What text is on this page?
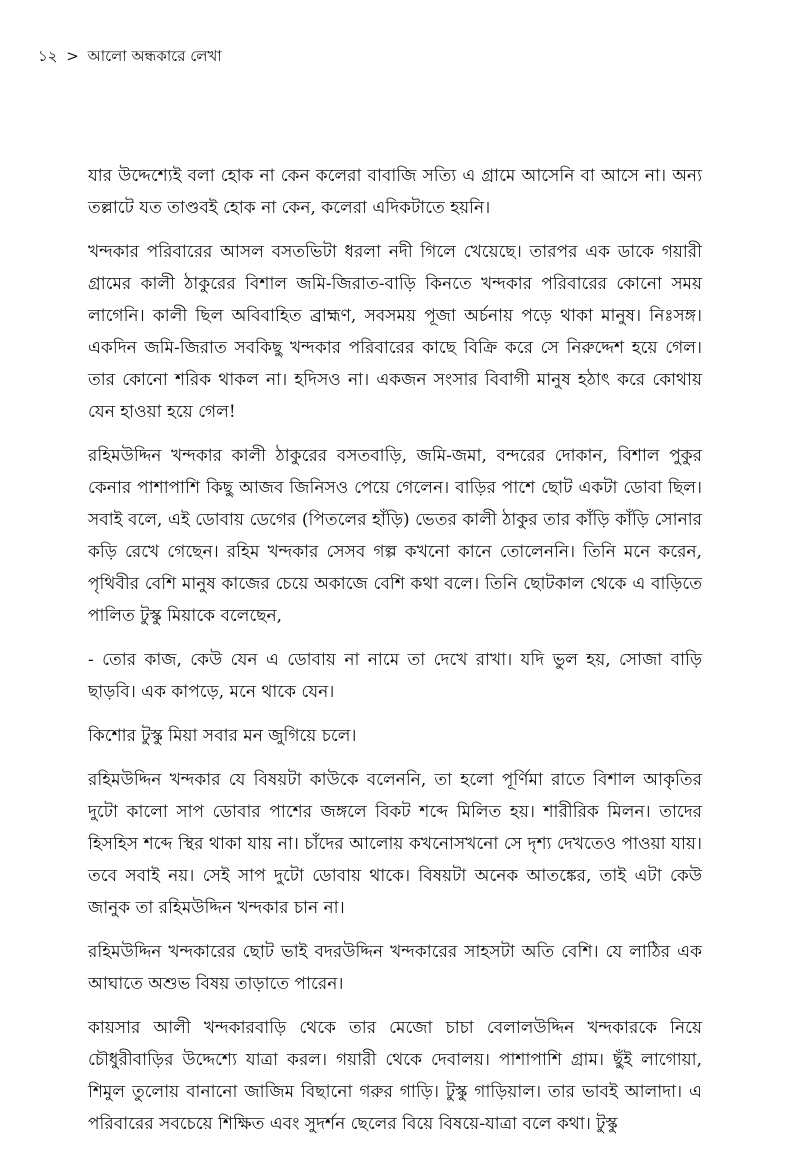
১২ > আলো অন্ধকারে লেখা

যার উদ্দেশ্যেই বলা হোক না কেন কলেরা বাবাজি সত্যি এ গ্রামে আসেনি বা আসে না। অন্য তল্লাটে যত তাণ্ডবই হোক না কেন, কলেরা এদিকটাতে হয়নি।

খন্দকার পরিবারের আসল বসতভিটা ধরলা নদী গিলে খেয়েছে। তারপর এক ডাকে গয়ারী গ্রামের কালী ঠাকুরের বিশাল জমি-জিরাত-বাড়ি কিনতে খন্দকার পরিবারের কোনো সময় লাগেনি। কালী ছিল অবিবাহিত ব্রাহ্মণ, সবসময় পূজা অর্চনায় পড়ে থাকা মানুষ। নিঃসঙ্গ। একদিন জমি-জিরাত সবকিছু খন্দকার পরিবারের কাছে বিক্রি করে সে নিরুদ্দেশ হয়ে গেল। তার কোনো শরিক থাকল না। হদিসও না। একজন সংসার বিবাগী মানুষ হঠাৎ করে কোথায় যেন হাওয়া হয়ে গেল!

রহিমউদ্দিন খন্দকার কালী ঠাকুরের বসতবাড়ি, জমি-জমা, বন্দরের দোকান, বিশাল পুকুর কেনার পাশাপাশি কিছু আজব জিনিসও পেয়ে গেলেন। বাড়ির পাশে ছোট একটা ডোবা ছিল। সবাই বলে, এই ডোবায় ডেগের (পিতলের হাঁড়ি) ভেতর কালী ঠাকুর তার কাঁড়ি কাঁড়ি সোনার কড়ি রেখে গেছেন। রহিম খন্দকার সেসব গল্প কখনো কানে তোলেননি। তিনি মনে করেন, পৃথিবীর বেশি মানুষ কাজের চেয়ে অকাজে বেশি কথা বলে। তিনি ছোটকাল থেকে এ বাড়িতে পালিত টুস্কু মিয়াকে বলেছেন,

- তোর কাজ, কেউ যেন এ ডোবায় না নামে তা দেখে রাখা। যদি ভুল হয়, সোজা বাড়ি ছাড়বি। এক কাপড়ে, মনে থাকে যেন।

কিশোর টুস্কু মিয়া সবার মন জুগিয়ে চলে।

রহিমউদ্দিন খন্দকার যে বিষয়টা কাউকে বলেননি, তা হলো পূর্ণিমা রাতে বিশাল আকৃতির দুটো কালো সাপ ডোবার পাশের জঙ্গলে বিকট শব্দে মিলিত হয়। শারীরিক মিলন। তাদের হিসহিস শব্দে স্থির থাকা যায় না। চাঁদের আলোয় কখনোসখনো সে দৃশ্য দেখতেও পাওয়া যায়। তবে সবাই নয়। সেই সাপ দুটো ডোবায় থাকে। বিষয়টা অনেক আতঙ্কের, তাই এটা কেউ জানুক তা রহিমউদ্দিন খন্দকার চান না।

রহিমউদ্দিন খন্দকারের ছোট ভাই বদরউদ্দিন খন্দকারের সাহসটা অতি বেশি। যে লাঠির এক আঘাতে অশুভ বিষয় তাড়াতে পারেন।

কায়সার আলী খন্দকারবাড়ি থেকে তার মেজো চাচা বেলালউদ্দিন খন্দকারকে নিয়ে চৌধুরীবাড়ির উদ্দেশ্যে যাত্রা করল। গয়ারী থেকে দেবালয়। পাশাপাশি গ্রাম। ছুঁই লাগোয়া, শিমুল তুলোয় বানানো জাজিম বিছানো গরুর গাড়ি। টুস্কু গাড়িয়াল। তার ভাবই আলাদা। এ পরিবারের সবচেয়ে শিক্ষিত এবং সুদর্শন ছেলের বিয়ে বিষয়ে-যাত্রা বলে কথা। টুস্কু
